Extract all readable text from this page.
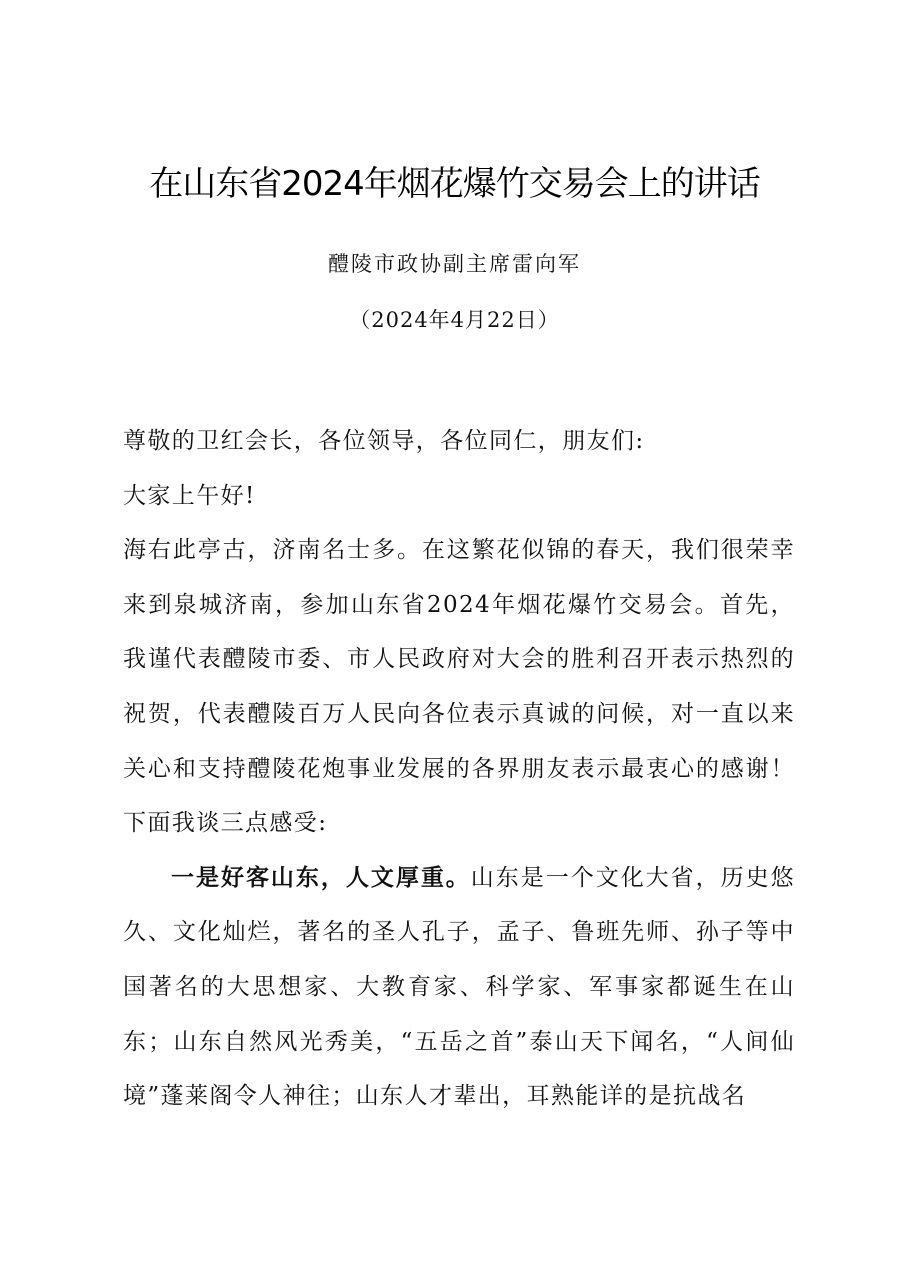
在山东省2024年烟花爆竹交易会上的讲话
醴陵市政协副主席雷向军
（2024年4月22日）

尊敬的卫红会长，各位领导，各位同仁，朋友们:

大家上午好!

海右此亭古，济南名士多。在这繁花似锦的春天，我们很荣幸来到泉城济南，参加山东省2024年烟花爆竹交易会。首先，我谨代表醴陵市委、市人民政府对大会的胜利召开表示热烈的祝贺，代表醴陵百万人民向各位表示真诚的问候，对一直以来关心和支持醴陵花炮事业发展的各界朋友表示最衷心的感谢！下面我谈三点感受:

一是好客山东，人文厚重。山东是一个文化大省，历史悠久、文化灿烂，著名的圣人孔子，孟子、鲁班先师、孙子等中国著名的大思想家、大教育家、科学家、军事家都诞生在山东；山东自然风光秀美，“五岳之首”泰山天下闻名，“人间仙境”蓬莱阁令人神往；山东人才辈出，耳熟能详的是抗战名
